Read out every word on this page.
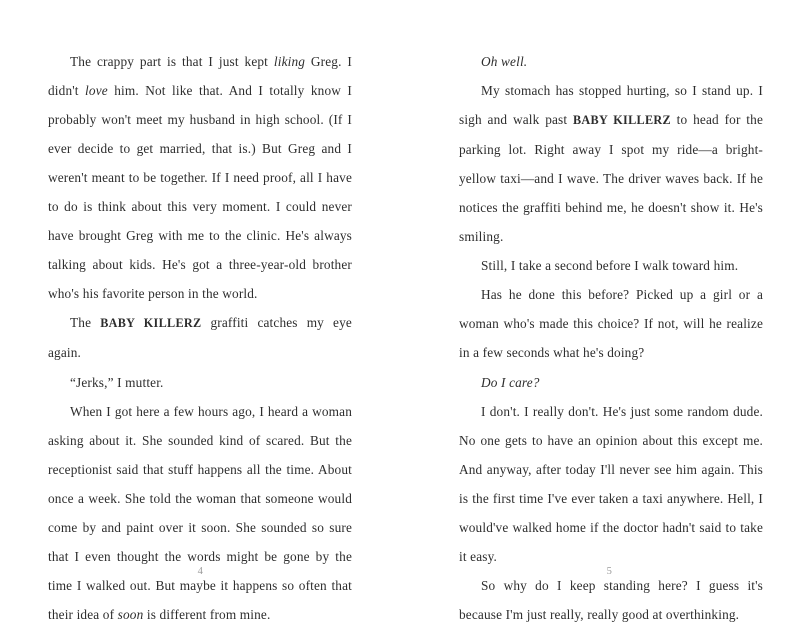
The crappy part is that I just kept liking Greg. I didn't love him. Not like that. And I totally know I probably won't meet my husband in high school. (If I ever decide to get married, that is.) But Greg and I weren't meant to be together. If I need proof, all I have to do is think about this very moment. I could never have brought Greg with me to the clinic. He's always talking about kids. He's got a three-year-old brother who's his favorite person in the world.

The BABY KILLERZ graffiti catches my eye again.

“Jerks,” I mutter.

When I got here a few hours ago, I heard a woman asking about it. She sounded kind of scared. But the receptionist said that stuff happens all the time. About once a week. She told the woman that someone would come by and paint over it soon. She sounded so sure that I even thought the words might be gone by the time I walked out. But maybe it happens so often that their idea of soon is different from mine.

4

Oh well.

My stomach has stopped hurting, so I stand up. I sigh and walk past BABY KILLERZ to head for the parking lot. Right away I spot my ride—a bright-yellow taxi—and I wave. The driver waves back. If he notices the graffiti behind me, he doesn't show it. He's smiling.

Still, I take a second before I walk toward him.

Has he done this before? Picked up a girl or a woman who's made this choice? If not, will he realize in a few seconds what he's doing?

Do I care?

I don't. I really don't. He's just some random dude. No one gets to have an opinion about this except me. And anyway, after today I'll never see him again. This is the first time I've ever taken a taxi anywhere. Hell, I would've walked home if the doctor hadn't said to take it easy.

So why do I keep standing here? I guess it's because I'm just really, really good at overthinking.

5
